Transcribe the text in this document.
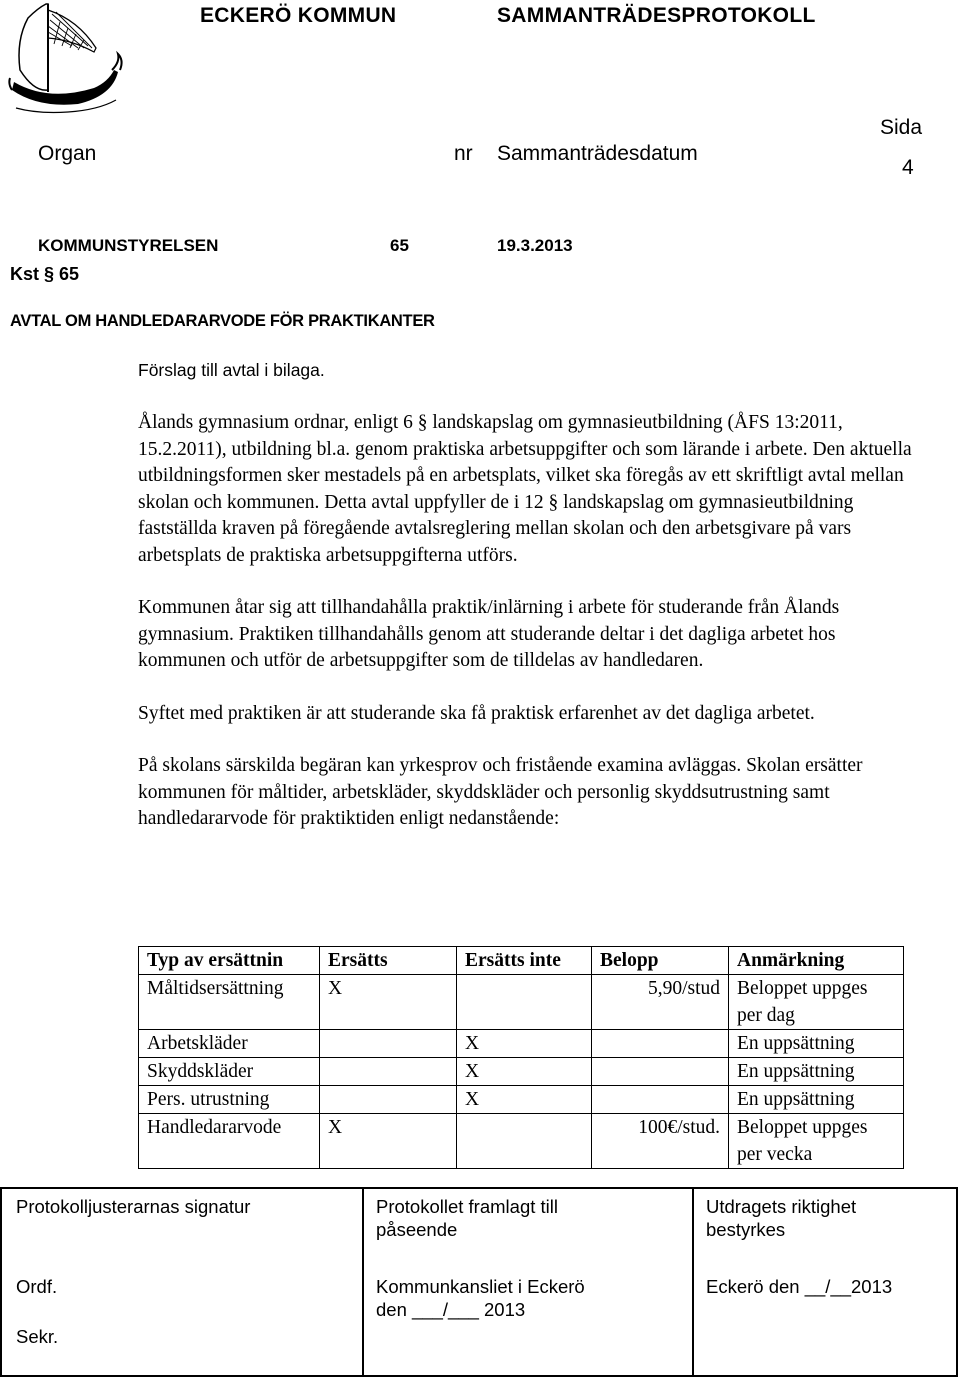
ECKERÖ KOMMUN	SAMMANTRÄDESPROTOKOLL
Sida
Organ	nr Sammanträdesdatum
4
KOMMUNSTYRELSEN	65	19.3.2013
Kst § 65
AVTAL OM HANDLEDARARVODE FÖR PRAKTIKANTER
Förslag till avtal i bilaga.

Ålands gymnasium ordnar, enligt 6 § landskapslag om gymnasieutbildning (ÅFS 13:2011, 15.2.2011), utbildning bl.a. genom praktiska arbetsuppgifter och som lärande i arbete. Den aktuella utbildningsformen sker mestadels på en arbetsplats, vilket ska föregås av ett skriftligt avtal mellan skolan och kommunen. Detta avtal uppfyller de i 12 § landskapslag om gymnasieutbildning fastställda kraven på föregående avtalsreglering mellan skolan och den arbetsgivare på vars arbetsplats de praktiska arbetsuppgifterna utförs.

Kommunen åtar sig att tillhandahålla praktik/inlärning i arbete för studerande från Ålands gymnasium. Praktiken tillhandahålls genom att studerande deltar i det dagliga arbetet hos kommunen och utför de arbetsuppgifter som de tilldelas av handledaren.

Syftet med praktiken är att studerande ska få praktisk erfarenhet av det dagliga arbetet.

På skolans särskilda begäran kan yrkesprov och fristående examina avläggas. Skolan ersätter kommunen för måltider, arbetskläder, skyddskläder och personlig skyddsutrustning samt handledararvode för praktiktiden enligt nedanstående:

Typ av ersättnin	Ersätts	Ersätts inte	Belopp	Anmärkning
Måltidsersättning	X		5,90/stud	Beloppet uppges
per dag
Arbetskläder		X		En uppsättning
Skyddskläder		X		En uppsättning
Pers. utrustning		X		En uppsättning
Handledararvode	X		100€/stud.	Beloppet uppges
per vecka
Protokolljusterarnas signatur
Ordf.
Sekr.
Protokollet framlagt till
påseende
Kommunkansliet i Eckerö
den ___/___ 2013
Utdragets riktighet
bestyrkes
Eckerö den __/__2013
